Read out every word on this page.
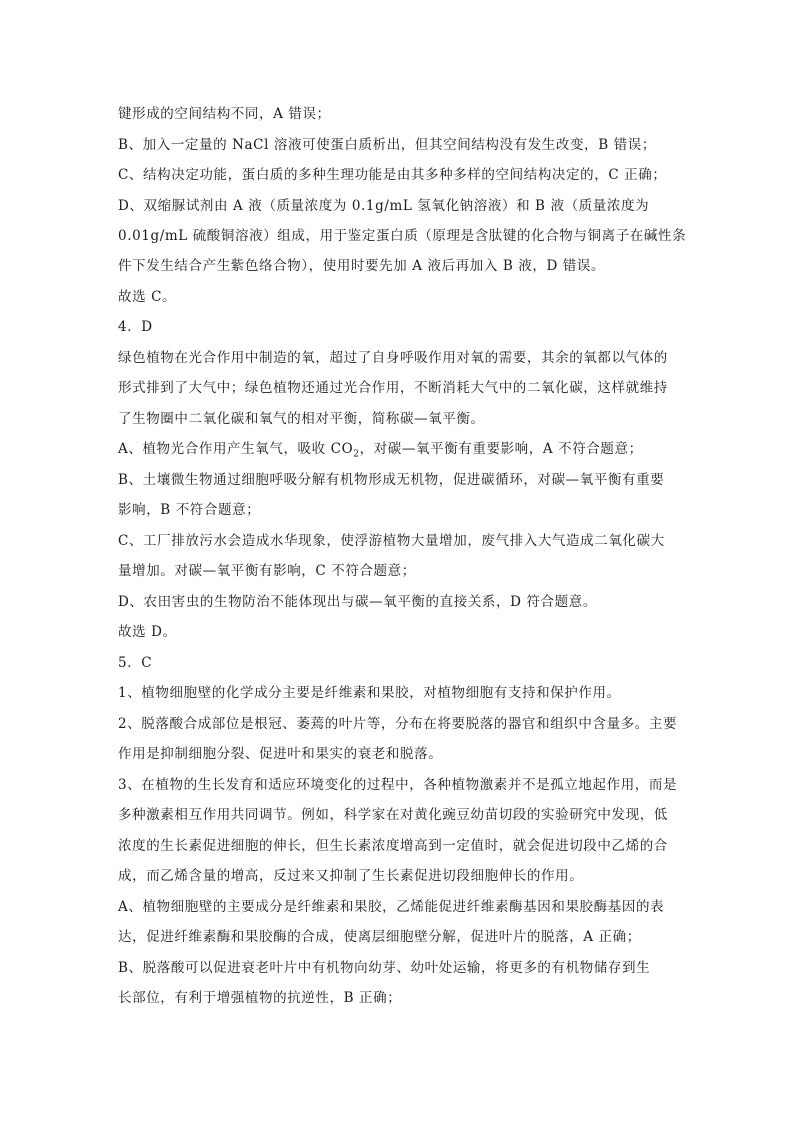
键形成的空间结构不同，A 错误；
B、加入一定量的 NaCl 溶液可使蛋白质析出，但其空间结构没有发生改变，B 错误；
C、结构决定功能，蛋白质的多种生理功能是由其多种多样的空间结构决定的，C 正确；
D、双缩脲试剂由 A 液（质量浓度为 0.1g/mL 氢氧化钠溶液）和 B 液（质量浓度为
0.01g/mL 硫酸铜溶液）组成，用于鉴定蛋白质（原理是含肽键的化合物与铜离子在碱性条
件下发生结合产生紫色络合物），使用时要先加 A 液后再加入 B 液，D 错误。
故选 C。
4．D
绿色植物在光合作用中制造的氧，超过了自身呼吸作用对氧的需要，其余的氧都以气体的
形式排到了大气中；绿色植物还通过光合作用，不断消耗大气中的二氧化碳，这样就维持
了生物圈中二氧化碳和氧气的相对平衡，简称碳—氧平衡。
A、植物光合作用产生氧气，吸收 $CO_2$，对碳—氧平衡有重要影响，A 不符合题意；
B、土壤微生物通过细胞呼吸分解有机物形成无机物，促进碳循环，对碳—氧平衡有重要
影响，B 不符合题意；
C、工厂排放污水会造成水华现象，使浮游植物大量增加，废气排入大气造成二氧化碳大
量增加。对碳—氧平衡有影响，C 不符合题意；
D、农田害虫的生物防治不能体现出与碳—氧平衡的直接关系，D 符合题意。
故选 D。
5．C
1、植物细胞壁的化学成分主要是纤维素和果胶，对植物细胞有支持和保护作用。
2、脱落酸合成部位是根冠、萎蔫的叶片等，分布在将要脱落的器官和组织中含量多。主要
作用是抑制细胞分裂、促进叶和果实的衰老和脱落。
3、在植物的生长发育和适应环境变化的过程中，各种植物激素并不是孤立地起作用，而是
多种激素相互作用共同调节。例如，科学家在对黄化豌豆幼苗切段的实验研究中发现，低
浓度的生长素促进细胞的伸长，但生长素浓度增高到一定值时，就会促进切段中乙烯的合
成，而乙烯含量的增高，反过来又抑制了生长素促进切段细胞伸长的作用。
A、植物细胞壁的主要成分是纤维素和果胶，乙烯能促进纤维素酶基因和果胶酶基因的表
达，促进纤维素酶和果胶酶的合成，使离层细胞壁分解，促进叶片的脱落，A 正确；
B、脱落酸可以促进衰老叶片中有机物向幼芽、幼叶处运输，将更多的有机物储存到生
长部位，有利于增强植物的抗逆性，B 正确；
